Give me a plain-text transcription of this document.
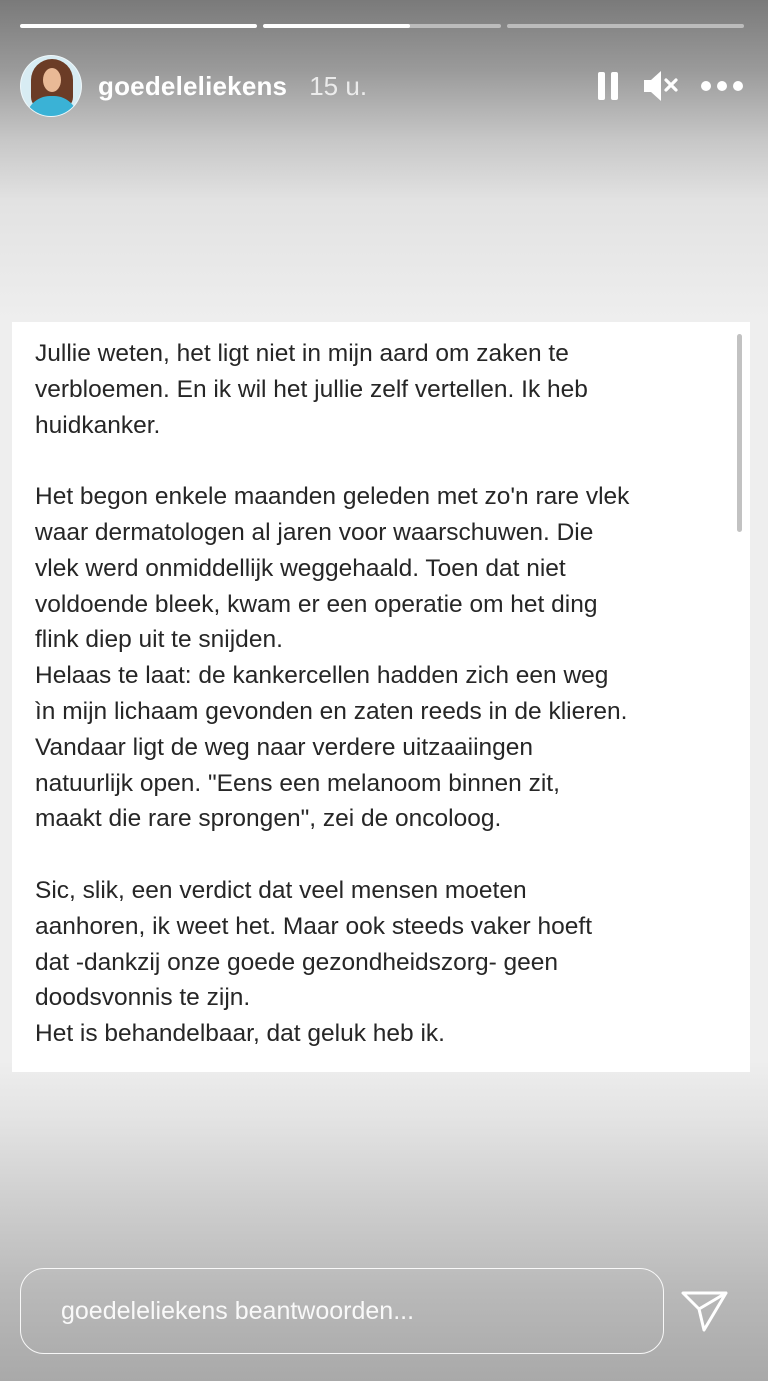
goedeleliekens 15 u.
Jullie weten, het ligt niet in mijn aard om zaken te
verbloemen. En ik wil het jullie zelf vertellen. Ik heb
huidkanker.
Het begon enkele maanden geleden met zo'n rare vlek
waar dermatologen al jaren voor waarschuwen. Die
vlek werd onmiddellijk weggehaald. Toen dat niet
voldoende bleek, kwam er een operatie om het ding
flink diep uit te snijden.
Helaas te laat: de kankercellen hadden zich een weg
ìn mijn lichaam gevonden en zaten reeds in de klieren.
Vandaar ligt de weg naar verdere uitzaaiingen
natuurlijk open. "Eens een melanoom binnen zit,
maakt die rare sprongen", zei de oncoloog.
Sic, slik, een verdict dat veel mensen moeten
aanhoren, ik weet het. Maar ook steeds vaker hoeft
dat -dankzij onze goede gezondheidszorg- geen
doodsvonnis te zijn.
Het is behandelbaar, dat geluk heb ik.
goedeleliekens beantwoorden...
